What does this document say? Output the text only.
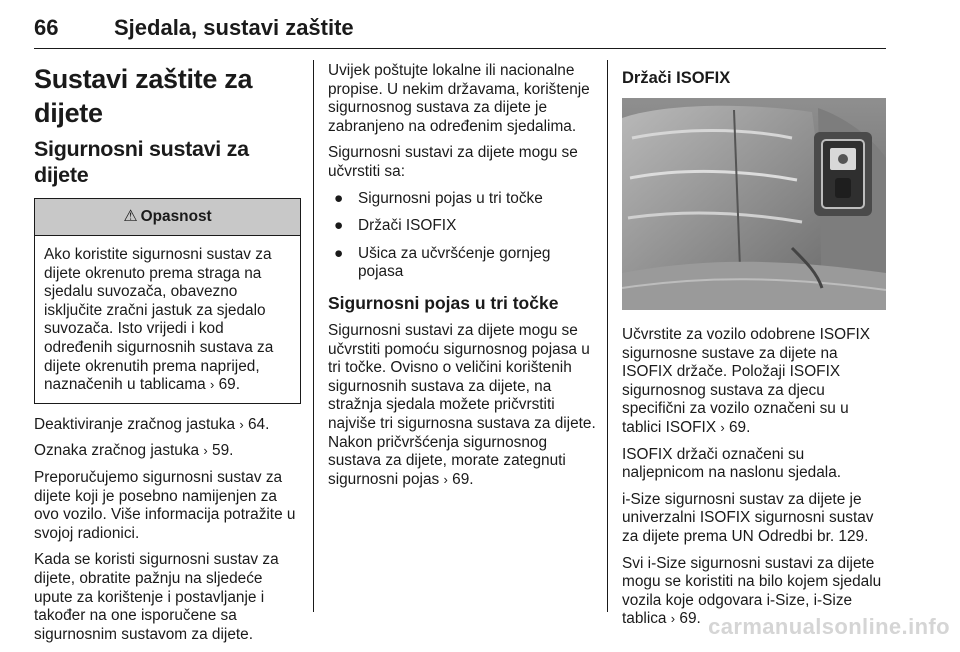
66	Sjedala, sustavi zaštite
Sustavi zaštite za dijete
Sigurnosni sustavi za dijete
⚠ Opasnost
Ako koristite sigurnosni sustav za dijete okrenuto prema straga na sjedalu suvozača, obavezno isključite zračni jastuk za sjedalo suvozača. Isto vrijedi i kod određenih sigurnosnih sustava za dijete okrenutih prema naprijed, naznačenih u tablicama › 69.

Deaktiviranje zračnog jastuka › 64.

Oznaka zračnog jastuka › 59.

Preporučujemo sigurnosni sustav za dijete koji je posebno namijenjen za ovo vozilo. Više informacija potražite u svojoj radionici.

Kada se koristi sigurnosni sustav za dijete, obratite pažnju na sljedeće upute za korištenje i postavljanje i također na one isporučene sa sigurnosnim sustavom za dijete.

Uvijek poštujte lokalne ili nacionalne propise. U nekim državama, korištenje sigurnosnog sustava za dijete je zabranjeno na određenim sjedalima.

Sigurnosni sustavi za dijete mogu se učvrstiti sa:

● Sigurnosni pojas u tri točke
● Držači ISOFIX
● Ušica za učvršćenje gornjeg pojasa
Sigurnosni pojas u tri točke

Sigurnosni sustavi za dijete mogu se učvrstiti pomoću sigurnosnog pojasa u tri točke. Ovisno o veličini korištenih sigurnosnih sustava za dijete, na stražnja sjedala možete pričvrstiti najviše tri sigurnosna sustava za dijete. Nakon pričvršćenja sigurnosnog sustava za dijete, morate zategnuti sigurnosni pojas › 69.

Držači ISOFIX

Učvrstite za vozilo odobrene ISOFIX sigurnosne sustave za dijete na ISOFIX držače. Položaji ISOFIX sigurnosnog sustava za djecu specifični za vozilo označeni su u tablici ISOFIX › 69.

ISOFIX držači označeni su naljepnicom na naslonu sjedala.

i-Size sigurnosni sustav za dijete je univerzalni ISOFIX sigurnosni sustav za dijete prema UN Odredbi br. 129.

Svi i-Size sigurnosni sustavi za dijete mogu se koristiti na bilo kojem sjedalu vozila koje odgovara i-Size, i-Size tablica › 69. carmanualsonline.info
